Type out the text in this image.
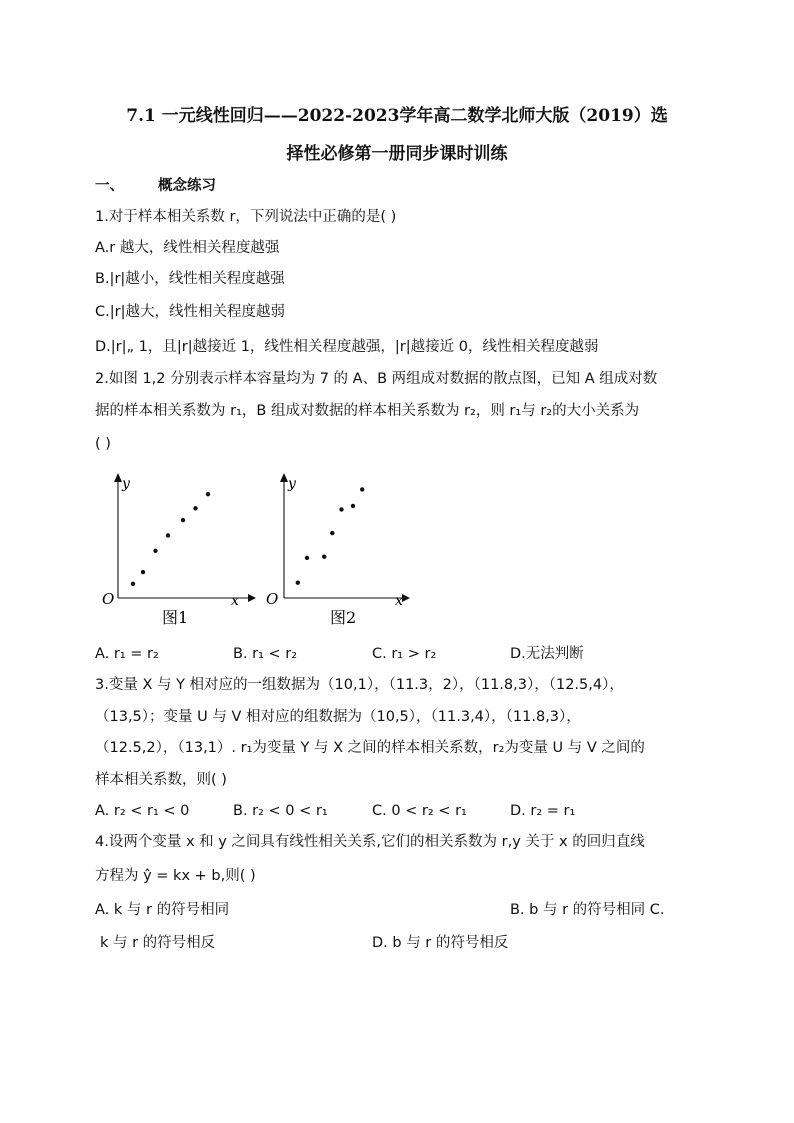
7.1 一元线性回归——2022-2023学年高二数学北师大版（2019）选
择性必修第一册同步课时训练
一、 概念练习
1.对于样本相关系数 r，下列说法中正确的是( )
A.r 越大，线性相关程度越强
B.|r|越小，线性相关程度越强
C.|r|越大，线性相关程度越弱
D.|r|„ 1，且|r|越接近 1，线性相关程度越强，|r|越接近 0，线性相关程度越弱
2.如图 1,2 分别表示样本容量均为 7 的 A、B 两组成对数据的散点图，已知 A 组成对数
据的样本相关系数为 r₁，B 组成对数据的样本相关系数为 r₂，则 r₁与 r₂的大小关系为
( )
O	x
y
图1
O	x
y
图2
A. r₁ = r₂	B. r₁ < r₂	C. r₁ > r₂	D.无法判断
3.变量 X 与 Y 相对应的一组数据为（10,1），（11.3，2），（11.8,3），（12.5,4），
（13,5）；变量 U 与 V 相对应的组数据为（10,5），（11.3,4），（11.8,3），
（12.5,2），（13,1）. r₁为变量 Y 与 X 之间的样本相关系数，r₂为变量 U 与 V 之间的
样本相关系数，则( )
A. r₂ < r₁ < 0	B. r₂ < 0 < r₁	C. 0 < r₂ < r₁	D. r₂ = r₁
4.设两个变量 x 和 y 之间具有线性相关关系,它们的相关系数为 r,y 关于 x 的回归直线
方程为 ŷ = kx + b,则( )
A. k 与 r 的符号相同	B. b 与 r 的符号相同 C.
k 与 r 的符号相反	D. b 与 r 的符号相反
